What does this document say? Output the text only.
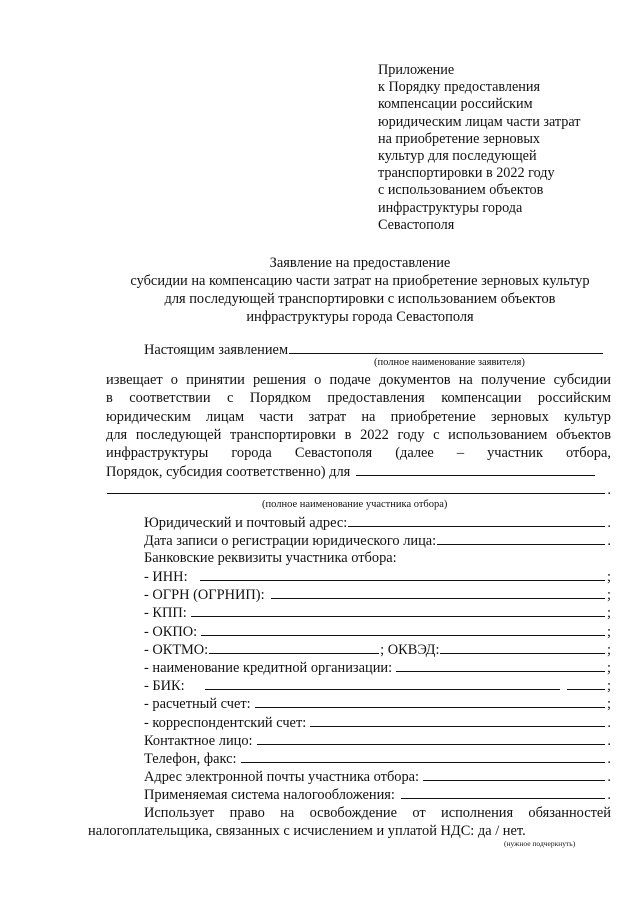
Приложение
к Порядку предоставления
компенсации российским
юридическим лицам части затрат
на приобретение зерновых
культур для последующей
транспортировки в 2022 году
с использованием объектов
инфраструктуры города
Севастополя
Заявление на предоставление
субсидии на компенсацию части затрат на приобретение зерновых культур
для последующей транспортировки с использованием объектов
инфраструктуры города Севастополя
Настоящим заявлением
(полное наименование заявителя)
извещает о принятии решения о подаче документов на получение субсидии
в соответствии с Порядком предоставления компенсации российским
юридическим лицам части затрат на приобретение зерновых культур
для последующей транспортировки в 2022 году с использованием объектов
инфраструктуры города Севастополя (далее – участник отбора,
Порядок, субсидия соответственно) для
.
(полное наименование участника отбора)
Юридический и почтовый адрес:	.
Дата записи о регистрации юридического лица:	.
Банковские реквизиты участника отбора:
- ИНН:	;
- ОГРН (ОГРНИП):	;
- КПП:	;
- ОКПО:	;
- ОКТМО:	; ОКВЭД:	;
- наименование кредитной организации:	;
- БИК:	;
- расчетный счет:	;
- корреспондентский счет:	.
Контактное лицо:	.
Телефон, факс:	.
Адрес электронной почты участника отбора:	.
Применяемая система налогообложения:	.
Использует право на освобождение от исполнения обязанностей
налогоплательщика, связанных с исчислением и уплатой НДС: да / нет.
(нужное подчеркнуть)
